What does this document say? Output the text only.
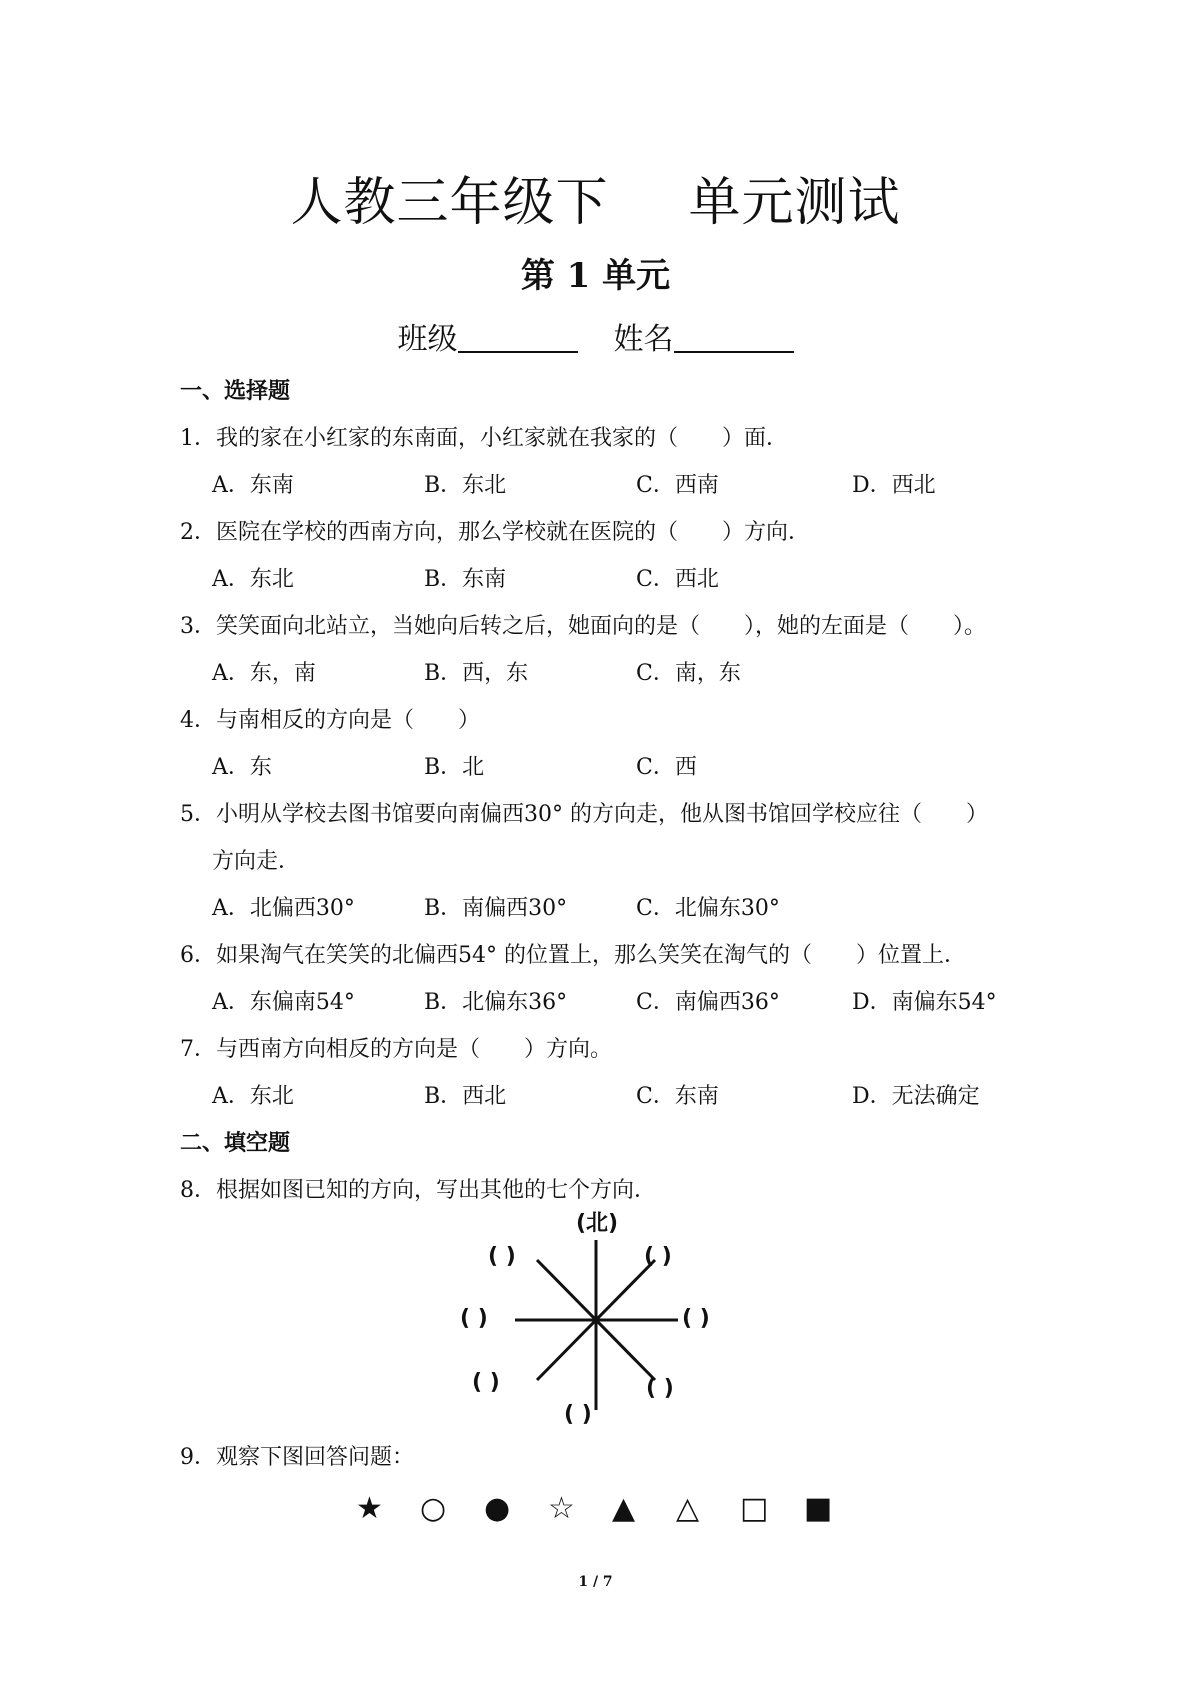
人教三年级下 单元测试
第 1 单元
班级	姓名
一、选择题
1．我的家在小红家的东南面，小红家就在我家的（　　）面．
A．东南	B．东北	C．西南	D．西北
2．医院在学校的西南方向，那么学校就在医院的（　　）方向．
A．东北	B．东南	C．西北
3．笑笑面向北站立，当她向后转之后，她面向的是（　　），她的左面是（　　）。
A．东，南	B．西，东	C．南，东
4．与南相反的方向是（　　）
A．东	B．北	C．西
5．小明从学校去图书馆要向南偏西30° 的方向走，他从图书馆回学校应往（　　）
方向走．
A．北偏西30°	B．南偏西30°	C．北偏东30°
6．如果淘气在笑笑的北偏西54° 的位置上，那么笑笑在淘气的（　　）位置上．
A．东偏南54°	B．北偏东36°	C．南偏西36°	D．南偏东54°
7．与西南方向相反的方向是（　　）方向。
A．东北	B．西北	C．东南	D．无法确定
二、填空题
8．根据如图已知的方向，写出其他的七个方向．
(北)
( )	( )
( )	( )
( )	( )
( )
9．观察下图回答问题：
★ ○ ● ☆ ▲ △ □ ■
1 / 7
